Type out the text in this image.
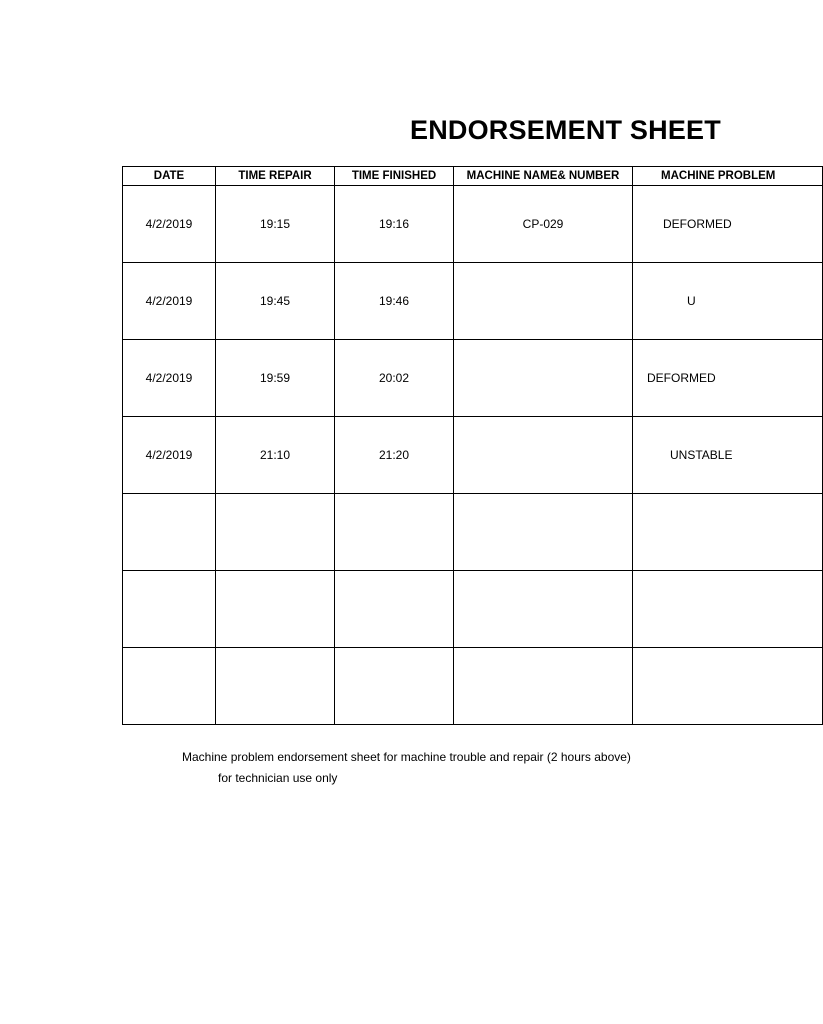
ENDORSEMENT SHEET
DATE	TIME REPAIR	TIME FINISHED	MACHINE NAME& NUMBER	MACHINE PROBLEM
4/2/2019	19:15	19:16	CP-029	DEFORMED
4/2/2019	19:45	19:46		U
4/2/2019	19:59	20:02		DEFORMED
4/2/2019	21:10	21:20		UNSTABLE

Machine problem endorsement sheet for machine trouble and repair (2 hours above)
for technician use only
